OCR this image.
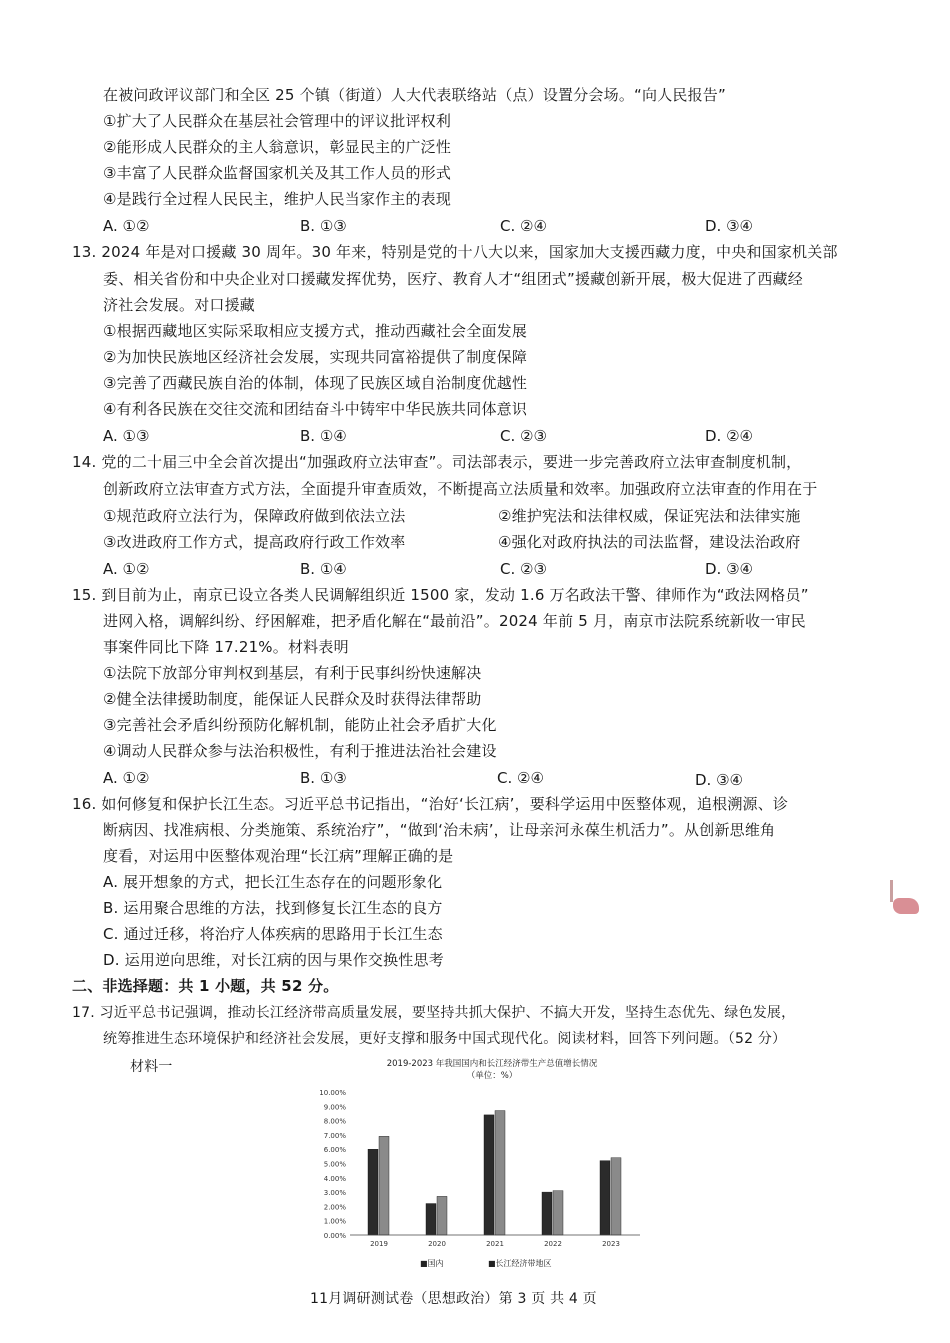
在被问政评议部门和全区 25 个镇（街道）人大代表联络站（点）设置分会场。“向人民报告”
①扩大了人民群众在基层社会管理中的评议批评权利
②能形成人民群众的主人翁意识，彰显民主的广泛性
③丰富了人民群众监督国家机关及其工作人员的形式
④是践行全过程人民民主，维护人民当家作主的表现
A. ①②	B. ①③	C. ②④	D. ③④
13. 2024 年是对口援藏 30 周年。30 年来，特别是党的十八大以来，国家加大支援西藏力度，中央和国家机关部
委、相关省份和中央企业对口援藏发挥优势，医疗、教育人才“组团式”援藏创新开展，极大促进了西藏经
济社会发展。对口援藏
①根据西藏地区实际采取相应支援方式，推动西藏社会全面发展
②为加快民族地区经济社会发展，实现共同富裕提供了制度保障
③完善了西藏民族自治的体制，体现了民族区域自治制度优越性
④有利各民族在交往交流和团结奋斗中铸牢中华民族共同体意识
A. ①③	B. ①④	C. ②③	D. ②④
14. 党的二十届三中全会首次提出“加强政府立法审查”。司法部表示，要进一步完善政府立法审查制度机制，
创新政府立法审查方式方法，全面提升审查质效，不断提高立法质量和效率。加强政府立法审查的作用在于
①规范政府立法行为，保障政府做到依法立法	②维护宪法和法律权威，保证宪法和法律实施
③改进政府工作方式，提高政府行政工作效率	④强化对政府执法的司法监督，建设法治政府
A. ①②	B. ①④	C. ②③	D. ③④
15. 到目前为止，南京已设立各类人民调解组织近 1500 家，发动 1.6 万名政法干警、律师作为“政法网格员”
进网入格，调解纠纷、纾困解难，把矛盾化解在“最前沿”。2024 年前 5 月，南京市法院系统新收一审民
事案件同比下降 17.21%。材料表明
①法院下放部分审判权到基层，有利于民事纠纷快速解决
②健全法律援助制度，能保证人民群众及时获得法律帮助
③完善社会矛盾纠纷预防化解机制，能防止社会矛盾扩大化
④调动人民群众参与法治积极性，有利于推进法治社会建设
A. ①②	B. ①③	C. ②④	D. ③④
16. 如何修复和保护长江生态。习近平总书记指出，“治好‘长江病’，要科学运用中医整体观，追根溯源、诊
断病因、找准病根、分类施策、系统治疗”，“做到‘治未病’，让母亲河永葆生机活力”。从创新思维角
度看，对运用中医整体观治理“长江病”理解正确的是
A. 展开想象的方式，把长江生态存在的问题形象化
B. 运用聚合思维的方法，找到修复长江生态的良方
C. 通过迁移，将治疗人体疾病的思路用于长江生态
D. 运用逆向思维，对长江病的因与果作交换性思考
二、非选择题：共 1 小题，共 52 分。
17. 习近平总书记强调，推动长江经济带高质量发展，要坚持共抓大保护、不搞大开发，坚持生态优先、绿色发展，
统筹推进生态环境保护和经济社会发展，更好支撑和服务中国式现代化。阅读材料，回答下列问题。（52 分）
材料一	2019-2023 年我国国内和长江经济带生产总值增长情况
（单位：%）
10.00%
9.00%
8.00%
7.00%
6.00%
5.00%
4.00%
3.00%
2.00%
1.00%
0.00%
2019	2020	2021	2022	2023
■国内	■长江经济带地区
11月调研测试卷（思想政治）第 3 页 共 4 页
